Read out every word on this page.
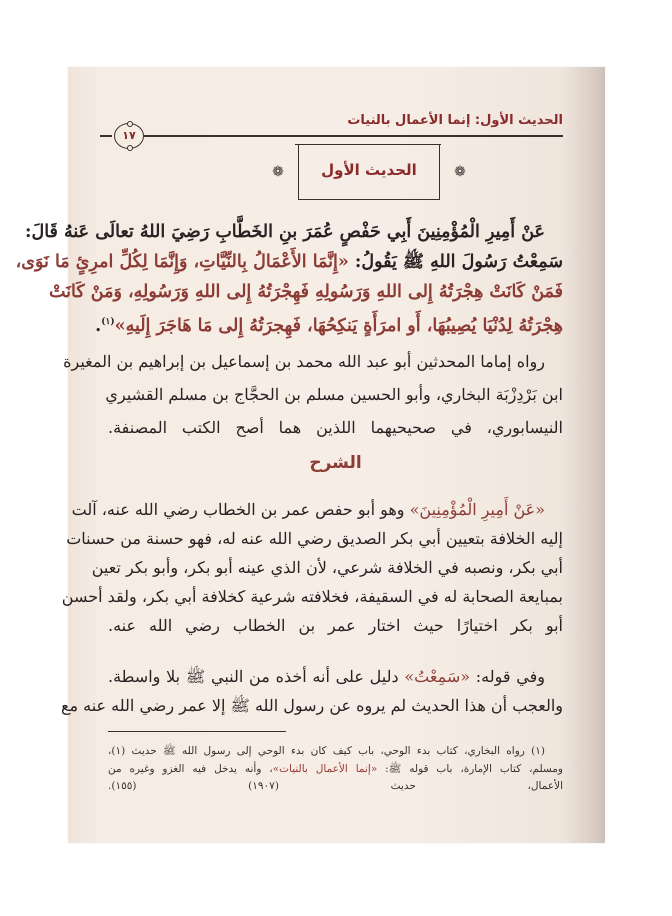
الحديث الأول: إنما الأعمال بالنيات
١٧
❁	الحديث الأول	❁

عَنْ أَمِيرِ الْمُؤْمِنِينَ أَبِي حَفْصٍ عُمَرَ بنِ الخَطَّابِ رَضِيَ اللهُ تعالَى عَنهُ قَالَ:

سَمِعْتُ رَسُولَ اللهِ ﷺ يَقُولُ: «إِنَّمَا الأَعْمَالُ بِالنِّيَّاتِ، وَإِنَّمَا لِكُلِّ امرِئٍ مَا نَوَى،

فَمَنْ كَانَتْ هِجْرَتُهُ إِلى اللهِ وَرَسُولِهِ فَهِجْرَتُهُ إِلى اللهِ وَرَسُولِهِ، وَمَنْ كَانَتْ

هِجْرَتُهُ لِدُنْيَا يُصِيبُهَا، أَو امرَأَةٍ يَنكِحُهَا، فَهِجرَتُهُ إِلى مَا هَاجَرَ إِلَيهِ»$^{(١)}$.

رواه إماما المحدثين أبو عبد الله محمد بن إسماعيل بن إبراهيم بن المغيرة

ابن بَرْدِزْبَة البخاري، وأبو الحسين مسلم بن الحجَّاج بن مسلم القشيري

النيسابوري، في صحيحيهما اللذين هما أصح الكتب المصنفة.

الشرح

«عَنْ أَمِيرِ الْمُؤْمِنِينَ» وهو أبو حفص عمر بن الخطاب رضي الله عنه، آلت

إليه الخلافة بتعيين أبي بكر الصديق رضي الله عنه له، فهو حسنة من حسنات

أبي بكر، ونصبه في الخلافة شرعي، لأن الذي عينه أبو بكر، وأبو بكر تعين

بمبايعة الصحابة له في السقيفة، فخلافته شرعية كخلافة أبي بكر، ولقد أحسن

أبو بكر اختيارًا حيث اختار عمر بن الخطاب رضي الله عنه.

وفي قوله: «سَمِعْتُ» دليل على أنه أخذه من النبي ﷺ بلا واسطة.

والعجب أن هذا الحديث لم يروه عن رسول الله ﷺ إلا عمر رضي الله عنه مع

(١) رواه البخاري، كتاب بدء الوحي، باب كيف كان بدء الوحي إلى رسول الله ﷺ حديث (١)،

ومسلم، كتاب الإمارة، باب قوله ﷺ: «إنما الأعمال بالنيات»، وأنه يدخل فيه الغزو وغيره من

الأعمال، حديث (١٩٠٧) (١٥٥).
